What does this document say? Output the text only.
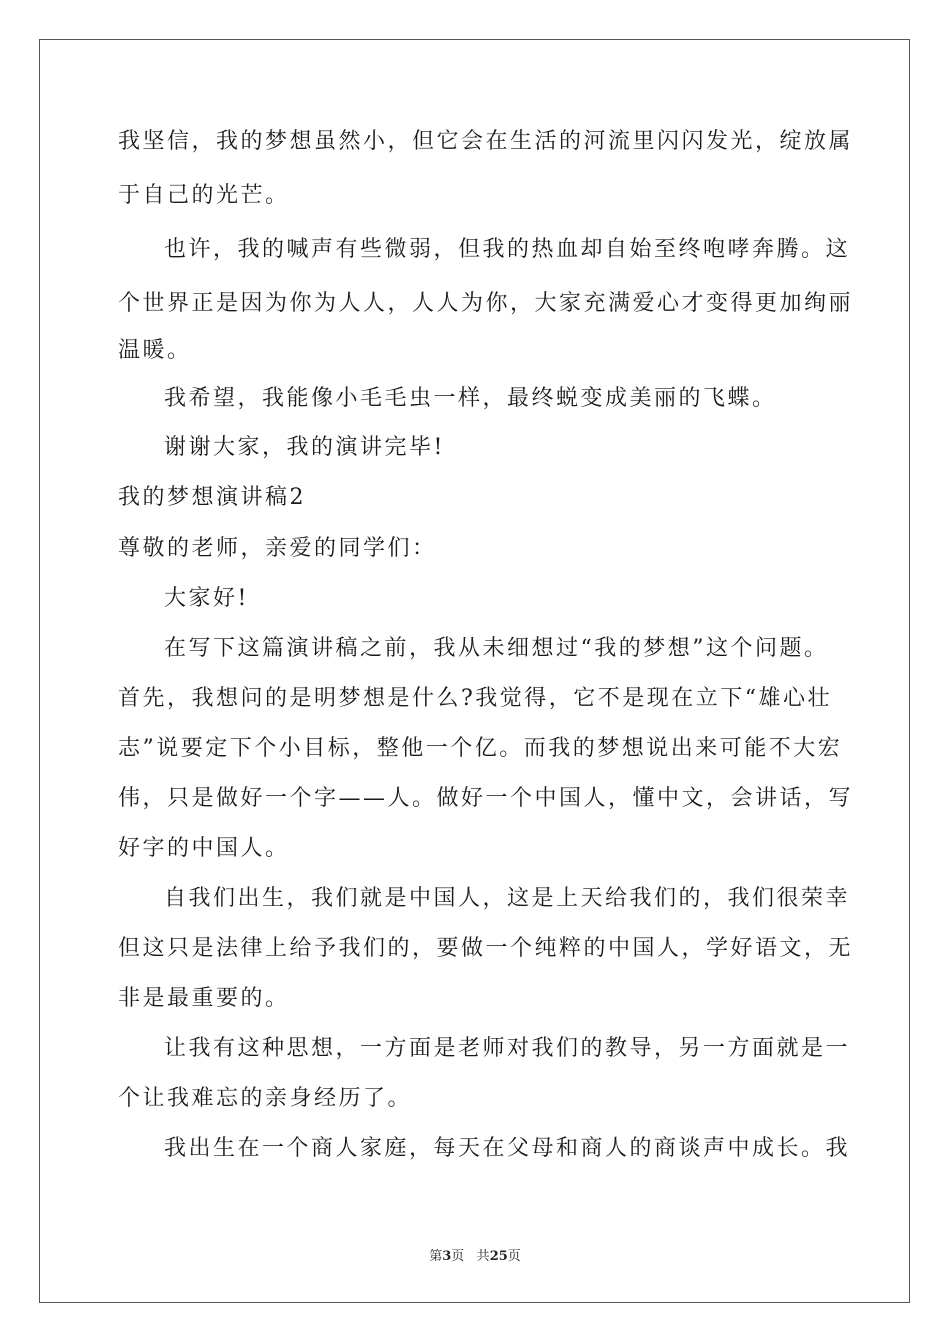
我坚信，我的梦想虽然小，但它会在生活的河流里闪闪发光，绽放属
于自己的光芒。
也许，我的喊声有些微弱，但我的热血却自始至终咆哮奔腾。这
个世界正是因为你为人人，人人为你，大家充满爱心才变得更加绚丽
温暖。
我希望，我能像小毛毛虫一样，最终蜕变成美丽的飞蝶。
谢谢大家，我的演讲完毕!
我的梦想演讲稿2
尊敬的老师，亲爱的同学们：
大家好!
在写下这篇演讲稿之前，我从未细想过“我的梦想”这个问题。
首先，我想问的是明梦想是什么?我觉得，它不是现在立下“雄心壮
志”说要定下个小目标，整他一个亿。而我的梦想说出来可能不大宏
伟，只是做好一个字——人。做好一个中国人，懂中文，会讲话，写
好字的中国人。
自我们出生，我们就是中国人，这是上天给我们的，我们很荣幸
但这只是法律上给予我们的，要做一个纯粹的中国人，学好语文，无
非是最重要的。
让我有这种思想，一方面是老师对我们的教导，另一方面就是一
个让我难忘的亲身经历了。
我出生在一个商人家庭，每天在父母和商人的商谈声中成长。我
第3页 共25页
